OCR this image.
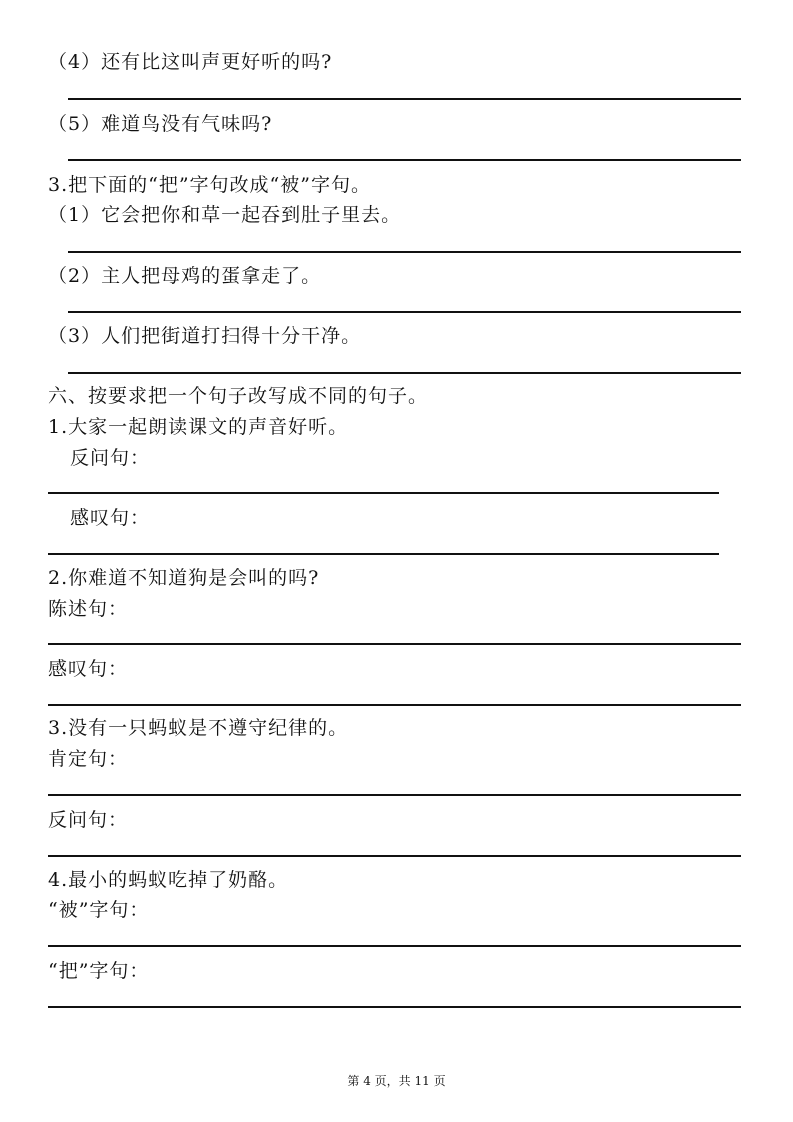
（4）还有比这叫声更好听的吗?
（5）难道鸟没有气味吗?
3.把下面的“把”字句改成“被”字句。
（1）它会把你和草一起吞到肚子里去。
（2）主人把母鸡的蛋拿走了。
（3）人们把街道打扫得十分干净。
六、按要求把一个句子改写成不同的句子。
1.大家一起朗读课文的声音好听。
反问句：
感叹句：
2.你难道不知道狗是会叫的吗?
陈述句：
感叹句：
3.没有一只蚂蚁是不遵守纪律的。
肯定句：
反问句：
4.最小的蚂蚁吃掉了奶酪。
“被”字句：
“把”字句：
第 4 页，共 11 页
